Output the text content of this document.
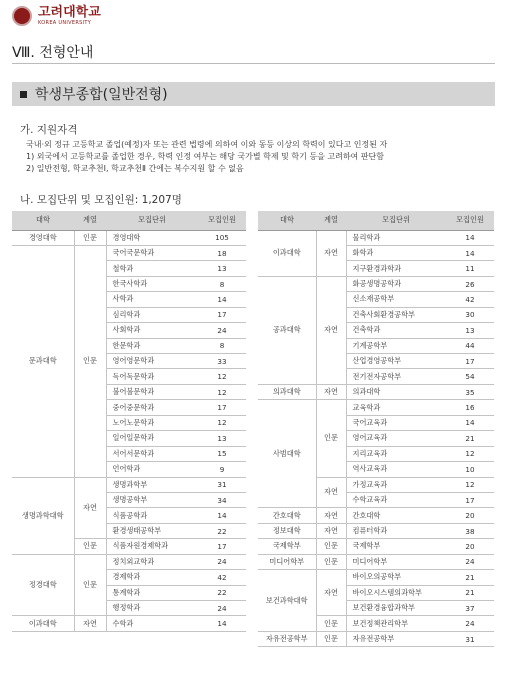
고려대학교
KOREA UNIVERSITY
Ⅷ. 전형안내
학생부종합(일반전형)
가. 지원자격
국내·외 정규 고등학교 졸업(예정)자 또는 관련 법령에 의하여 이와 동등 이상의 학력이 있다고 인정된 자
1) 외국에서 고등학교를 졸업한 경우, 학력 인정 여부는 해당 국가별 학제 및 학기 등을 고려하여 판단함
2) 일반전형, 학교추천Ⅰ, 학교추천Ⅱ 간에는 복수지원 할 수 없음
나. 모집단위 및 모집인원: 1,207명
대학	계열	모집단위	모집인원
경영대학	인문	경영대학	105
문과대학	인문	국어국문학과	18
		철학과	13
		한국사학과	8
		사학과	14
		심리학과	17
		사회학과	24
		한문학과	8
		영어영문학과	33
		독어독문학과	12
		불어불문학과	12
		중어중문학과	17
		노어노문학과	12
		일어일문학과	13
		서어서문학과	15
		언어학과	9
생명과학대학	자연	생명과학부	31
		생명공학부	34
		식품공학과	14
		환경생태공학부	22
	인문	식품자원경제학과	17
정경대학	인문	정치외교학과	24
		경제학과	42
		통계학과	22
		행정학과	24
이과대학	자연	수학과	14
대학	계열	모집단위	모집인원
이과대학	자연	물리학과	14
		화학과	14
		지구환경과학과	11
공과대학	자연	화공생명공학과	26
		신소재공학부	42
		건축사회환경공학부	30
		건축학과	13
		기계공학부	44
		산업경영공학부	17
		전기전자공학부	54
의과대학	자연	의과대학	35
사범대학	인문	교육학과	16
		국어교육과	14
		영어교육과	21
		지리교육과	12
		역사교육과	10
	자연	가정교육과	12
		수학교육과	17
간호대학	자연	간호대학	20
정보대학	자연	컴퓨터학과	38
국제학부	인문	국제학부	20
미디어학부	인문	미디어학부	24
보건과학대학	자연	바이오의공학부	21
		바이오시스템의과학부	21
		보건환경융합과학부	37
	인문	보건정책관리학부	24
자유전공학부	인문	자유전공학부	31
